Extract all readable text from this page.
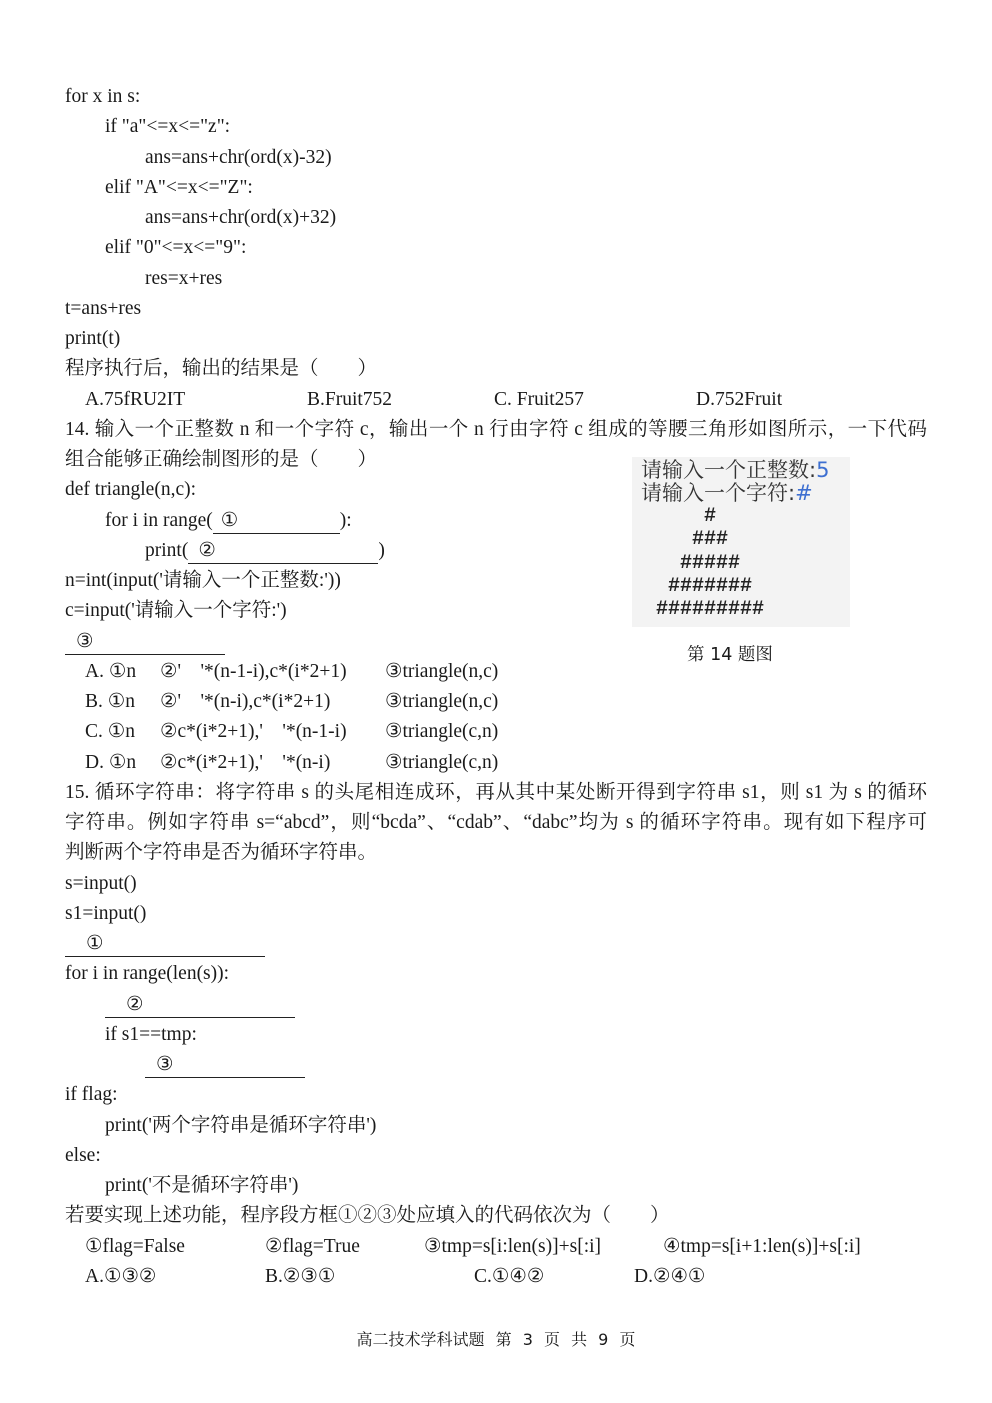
for x in s:
if "a"<=x<="z":
ans=ans+chr(ord(x)-32)
elif "A"<=x<="Z":
ans=ans+chr(ord(x)+32)
elif "0"<=x<="9":
res=x+res
t=ans+res
print(t)
程序执行后，输出的结果是（　　）
A.75fRU2IT	B.Fruit752	C. Fruit257	D.752Fruit
14. 输入一个正整数 n 和一个字符 c，输出一个 n 行由字符 c 组成的等腰三角形如图所示，一下代码
组合能够正确绘制图形的是（　　）
def triangle(n,c):
for i in range( ①	):
print( ②	)
n=int(input('请输入一个正整数:'))
c=input('请输入一个字符:')
③
A. ①n ②'    '*(n-1-i),c*(i*2+1) ③triangle(n,c)
B. ①n ②'    '*(n-i),c*(i*2+1)	③triangle(n,c)
C. ①n ②c*(i*2+1),'    '*(n-1-i) ③triangle(c,n)
D. ①n ②c*(i*2+1),'    '*(n-i)	③triangle(c,n)
15. 循环字符串：将字符串 s 的头尾相连成环，再从其中某处断开得到字符串 s1，则 s1 为 s 的循环
字符串。例如字符串 s=“abcd”，则“bcda”、“cdab”、“dabc”均为 s 的循环字符串。现有如下程序可
判断两个字符串是否为循环字符串。
s=input()
s1=input()
①
for i in range(len(s)):
②
if s1==tmp:
③
if flag:
print('两个字符串是循环字符串')
else:
print('不是循环字符串')
若要实现上述功能，程序段方框①②③处应填入的代码依次为（　　）
①flag=False	②flag=True	③tmp=s[i:len(s)]+s[:i]	④tmp=s[i+1:len(s)]+s[:i]
A.①③②	B.②③①	C.①④②	D.②④①
请输入一个正整数:5
请输入一个字符:#
#
###
#####
#######
#########
第 14 题图
高二技术学科试题 第 3 页 共 9 页
